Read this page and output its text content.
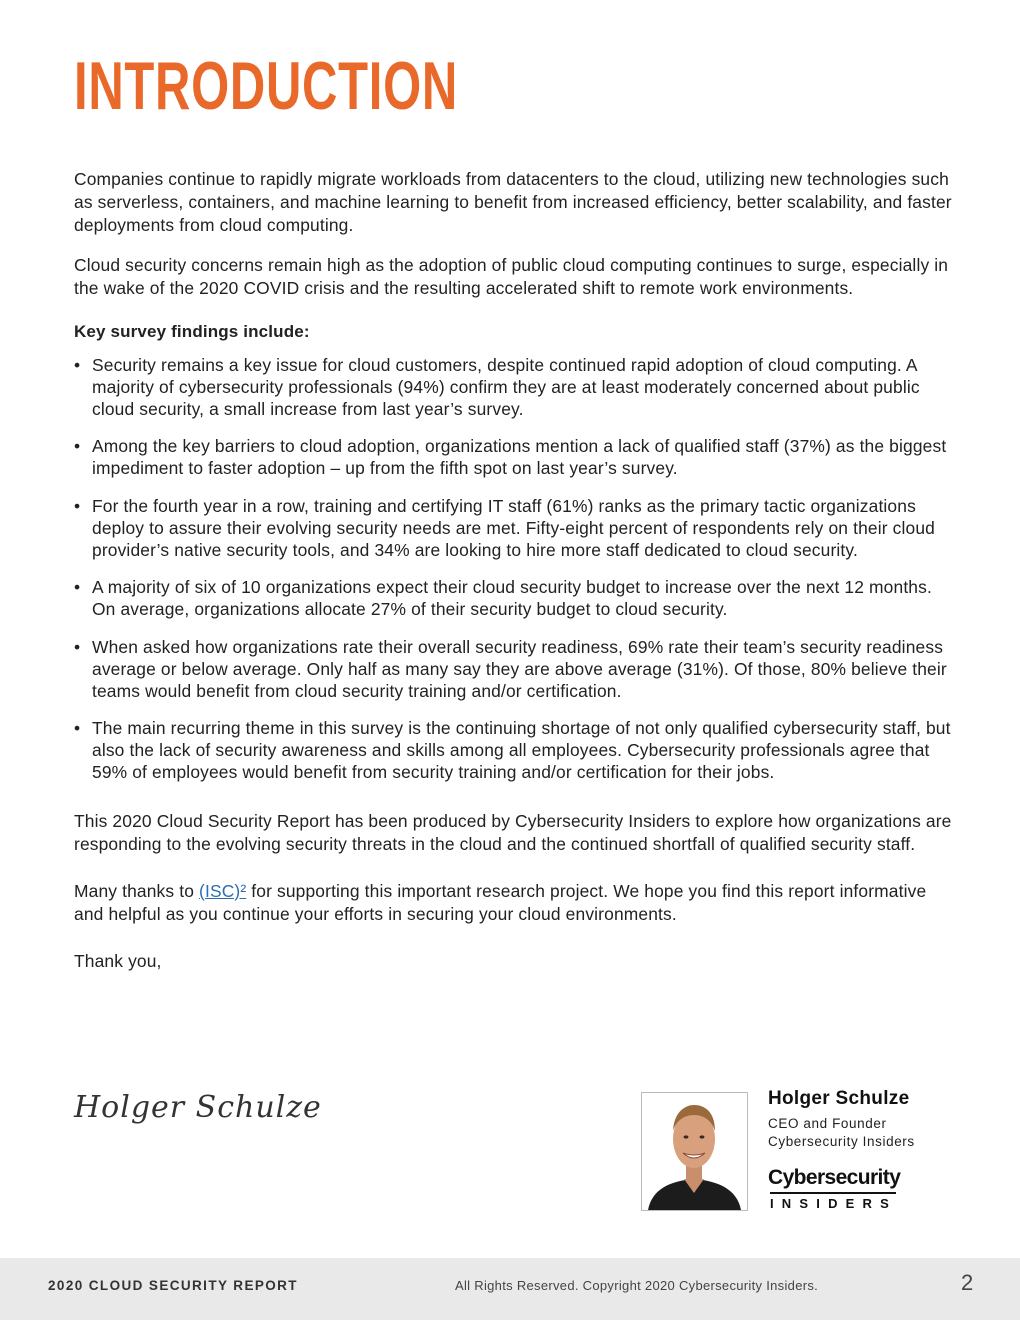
INTRODUCTION

Companies continue to rapidly migrate workloads from datacenters to the cloud, utilizing new technologies such as serverless, containers, and machine learning to benefit from increased efficiency, better scalability, and faster deployments from cloud computing.

Cloud security concerns remain high as the adoption of public cloud computing continues to surge, especially in the wake of the 2020 COVID crisis and the resulting accelerated shift to remote work environments.

Key survey findings include:

• Security remains a key issue for cloud customers, despite continued rapid adoption of cloud computing. A majority of cybersecurity professionals (94%) confirm they are at least moderately concerned about public cloud security, a small increase from last year’s survey.
• Among the key barriers to cloud adoption, organizations mention a lack of qualified staff (37%) as the biggest impediment to faster adoption – up from the fifth spot on last year’s survey.
• For the fourth year in a row, training and certifying IT staff (61%) ranks as the primary tactic organizations deploy to assure their evolving security needs are met. Fifty-eight percent of respondents rely on their cloud provider’s native security tools, and 34% are looking to hire more staff dedicated to cloud security.
• A majority of six of 10 organizations expect their cloud security budget to increase over the next 12 months. On average, organizations allocate 27% of their security budget to cloud security.
• When asked how organizations rate their overall security readiness, 69% rate their team’s security readiness average or below average. Only half as many say they are above average (31%). Of those, 80% believe their teams would benefit from cloud security training and/or certification.
• The main recurring theme in this survey is the continuing shortage of not only qualified cybersecurity staff, but also the lack of security awareness and skills among all employees. Cybersecurity professionals agree that 59% of employees would benefit from security training and/or certification for their jobs.

This 2020 Cloud Security Report has been produced by Cybersecurity Insiders to explore how organizations are responding to the evolving security threats in the cloud and the continued shortfall of qualified security staff.

Many thanks to (ISC)² for supporting this important research project. We hope you find this report informative and helpful as you continue your efforts in securing your cloud environments.

Thank you,

Holger Schulze	Holger Schulze
CEO and Founder
Cybersecurity Insiders
Cybersecurity
INSIDERS
2020 CLOUD SECURITY REPORT	All Rights Reserved. Copyright 2020 Cybersecurity Insiders.	2
